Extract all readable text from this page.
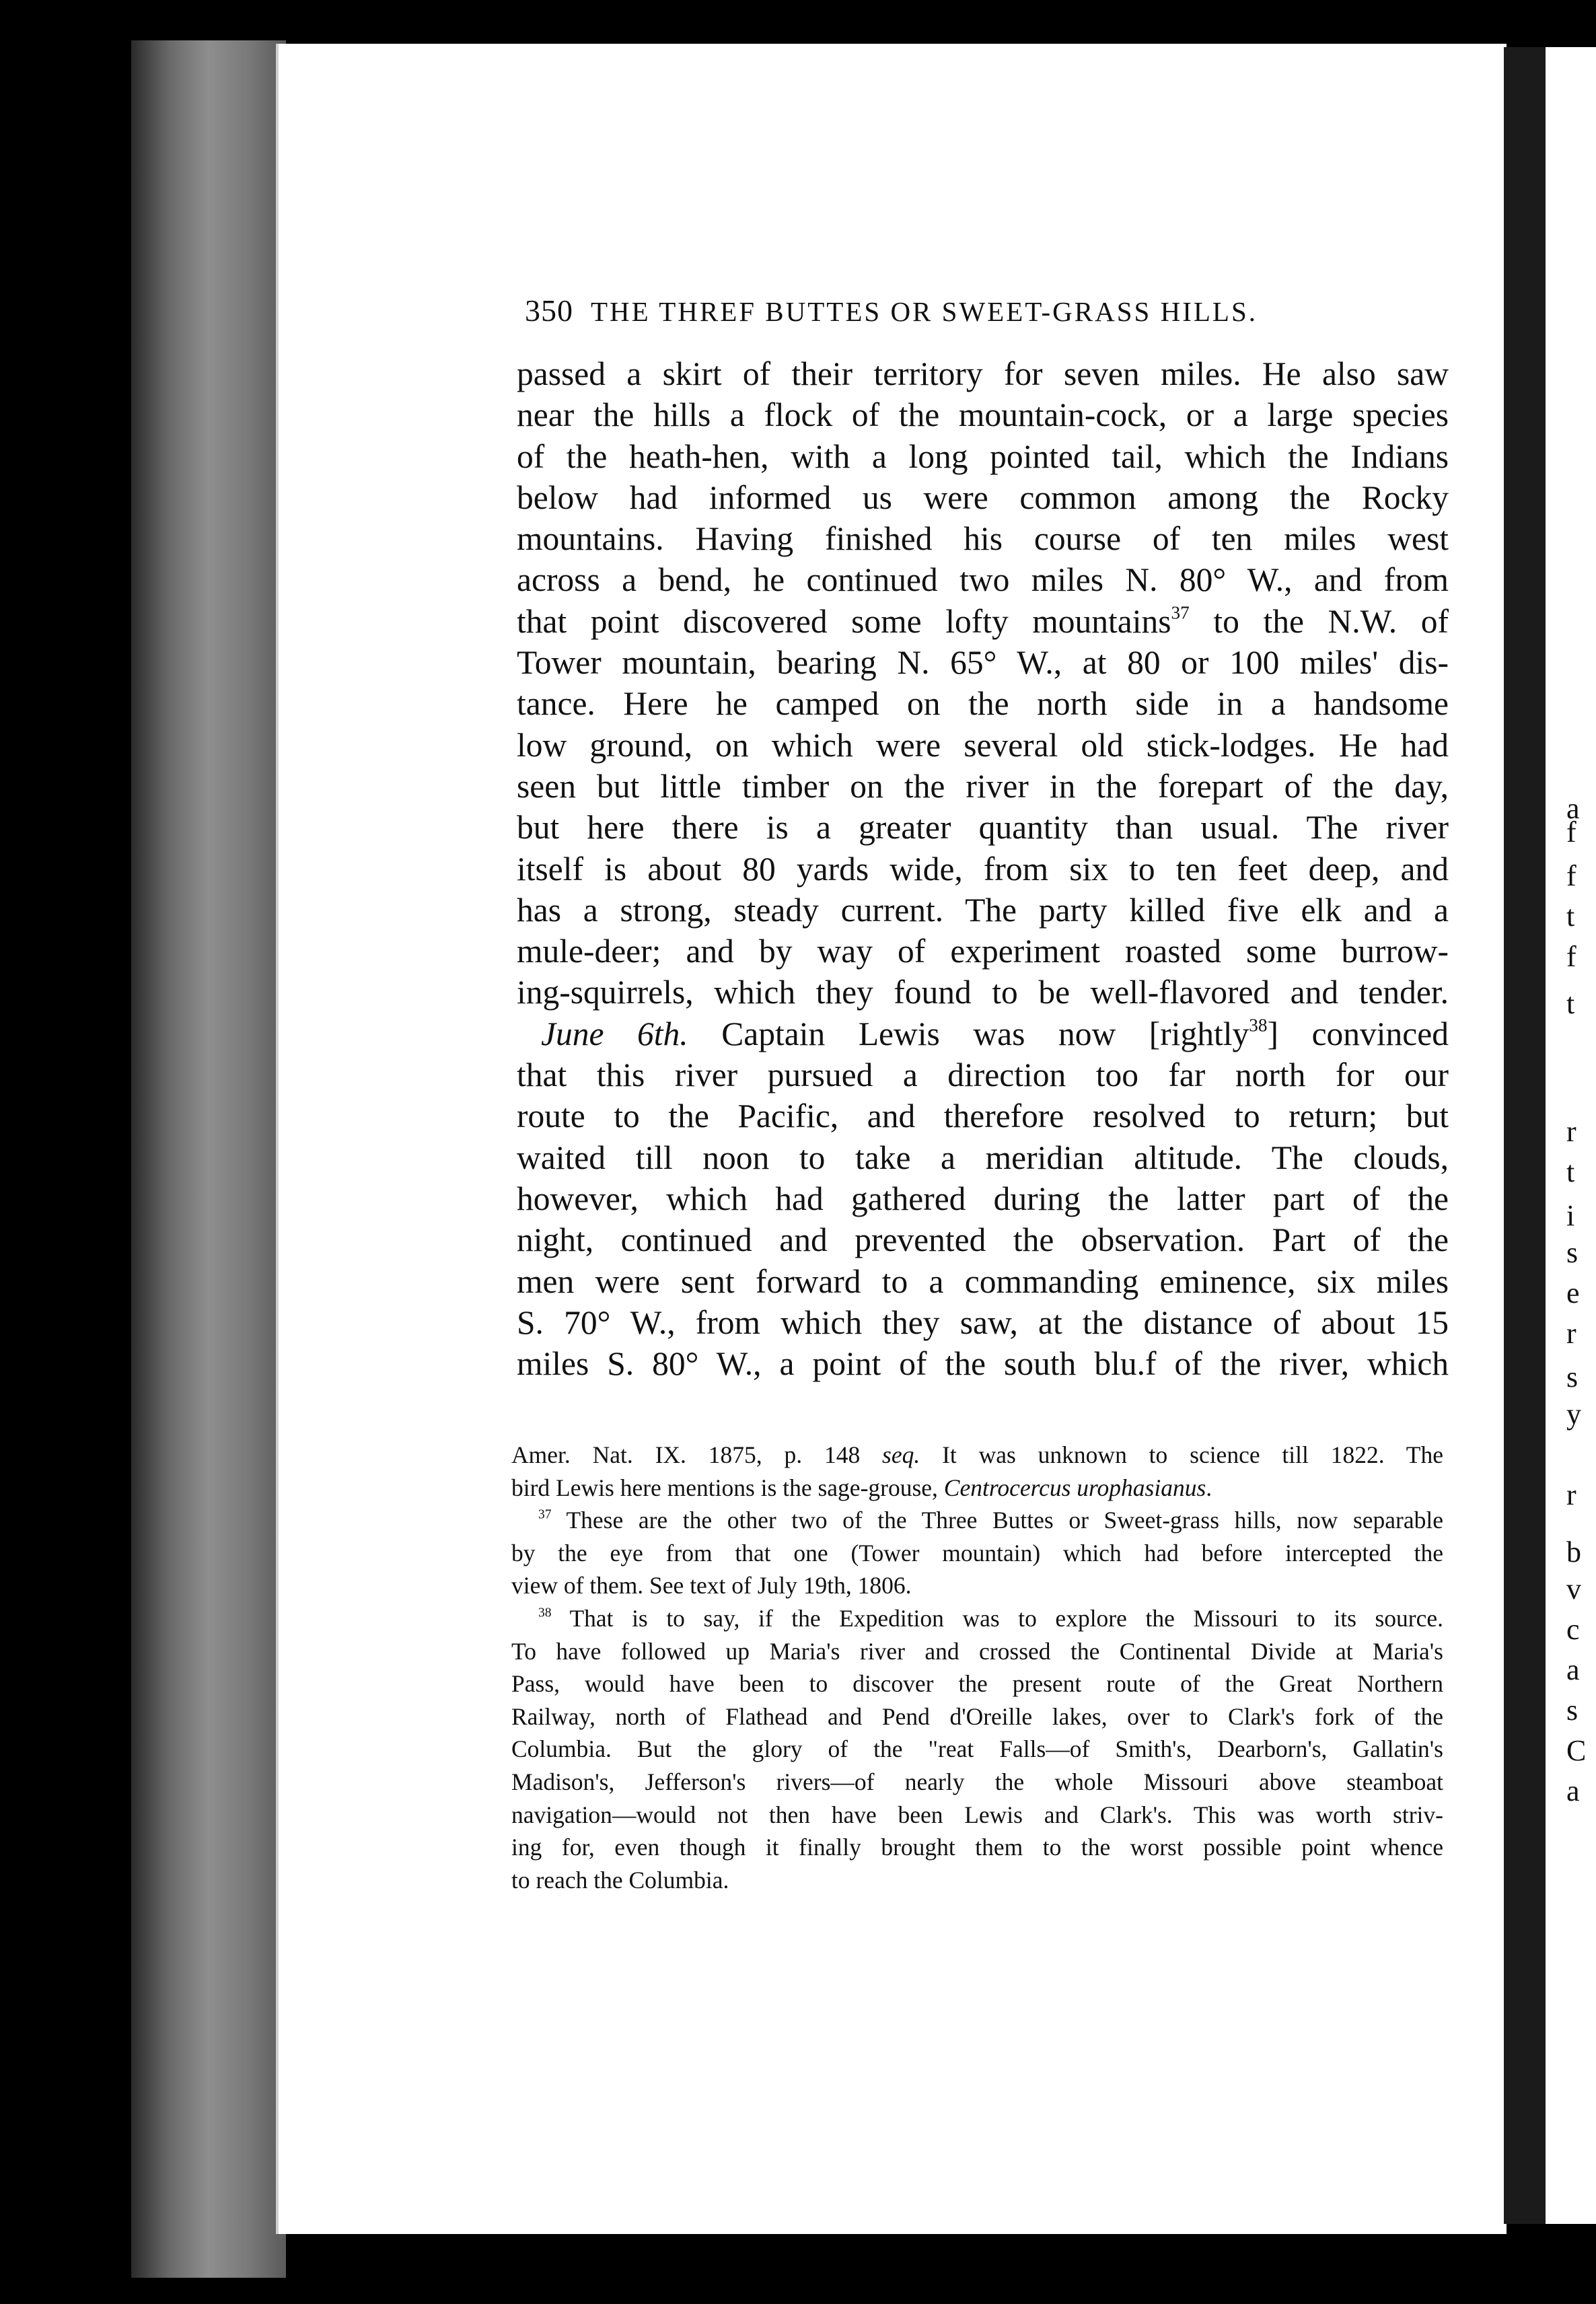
a
f
f
t
f
t
r
t
i
s
e
r
s
y
r
b
v
c
a
s
C
a
350 THE THREF BUTTES OR SWEET-GRASS HILLS.
passed a skirt of their territory for seven miles. He also saw
near the hills a flock of the mountain-cock, or a large species
of the heath-hen, with a long pointed tail, which the Indians
below had informed us were common among the Rocky
mountains. Having finished his course of ten miles west
across a bend, he continued two miles N. 80° W., and from
that point discovered some lofty mountains$^{37}$ to the N.W. of
Tower mountain, bearing N. 65° W., at 80 or 100 miles' dis-
tance. Here he camped on the north side in a handsome
low ground, on which were several old stick-lodges. He had
seen but little timber on the river in the forepart of the day,
but here there is a greater quantity than usual. The river
itself is about 80 yards wide, from six to ten feet deep, and
has a strong, steady current. The party killed five elk and a
mule-deer; and by way of experiment roasted some burrow-
ing-squirrels, which they found to be well-flavored and tender.
June 6th. Captain Lewis was now [rightly$^{38}$] convinced
that this river pursued a direction too far north for our
route to the Pacific, and therefore resolved to return; but
waited till noon to take a meridian altitude. The clouds,
however, which had gathered during the latter part of the
night, continued and prevented the observation. Part of the
men were sent forward to a commanding eminence, six miles
S. 70° W., from which they saw, at the distance of about 15
miles S. 80° W., a point of the south blu.f of the river, which
Amer. Nat. IX. 1875, p. 148 seq. It was unknown to science till 1822. The
bird Lewis here mentions is the sage-grouse, Centrocercus urophasianus.
$^{37}$ These are the other two of the Three Buttes or Sweet-grass hills, now separable
by the eye from that one (Tower mountain) which had before intercepted the
view of them. See text of July 19th, 1806.
$^{38}$ That is to say, if the Expedition was to explore the Missouri to its source.
To have followed up Maria's river and crossed the Continental Divide at Maria's
Pass, would have been to discover the present route of the Great Northern
Railway, north of Flathead and Pend d'Oreille lakes, over to Clark's fork of the
Columbia. But the glory of the "reat Falls—of Smith's, Dearborn's, Gallatin's
Madison's, Jefferson's rivers—of nearly the whole Missouri above steamboat
navigation—would not then have been Lewis and Clark's. This was worth striv-
ing for, even though it finally brought them to the worst possible point whence
to reach the Columbia.
